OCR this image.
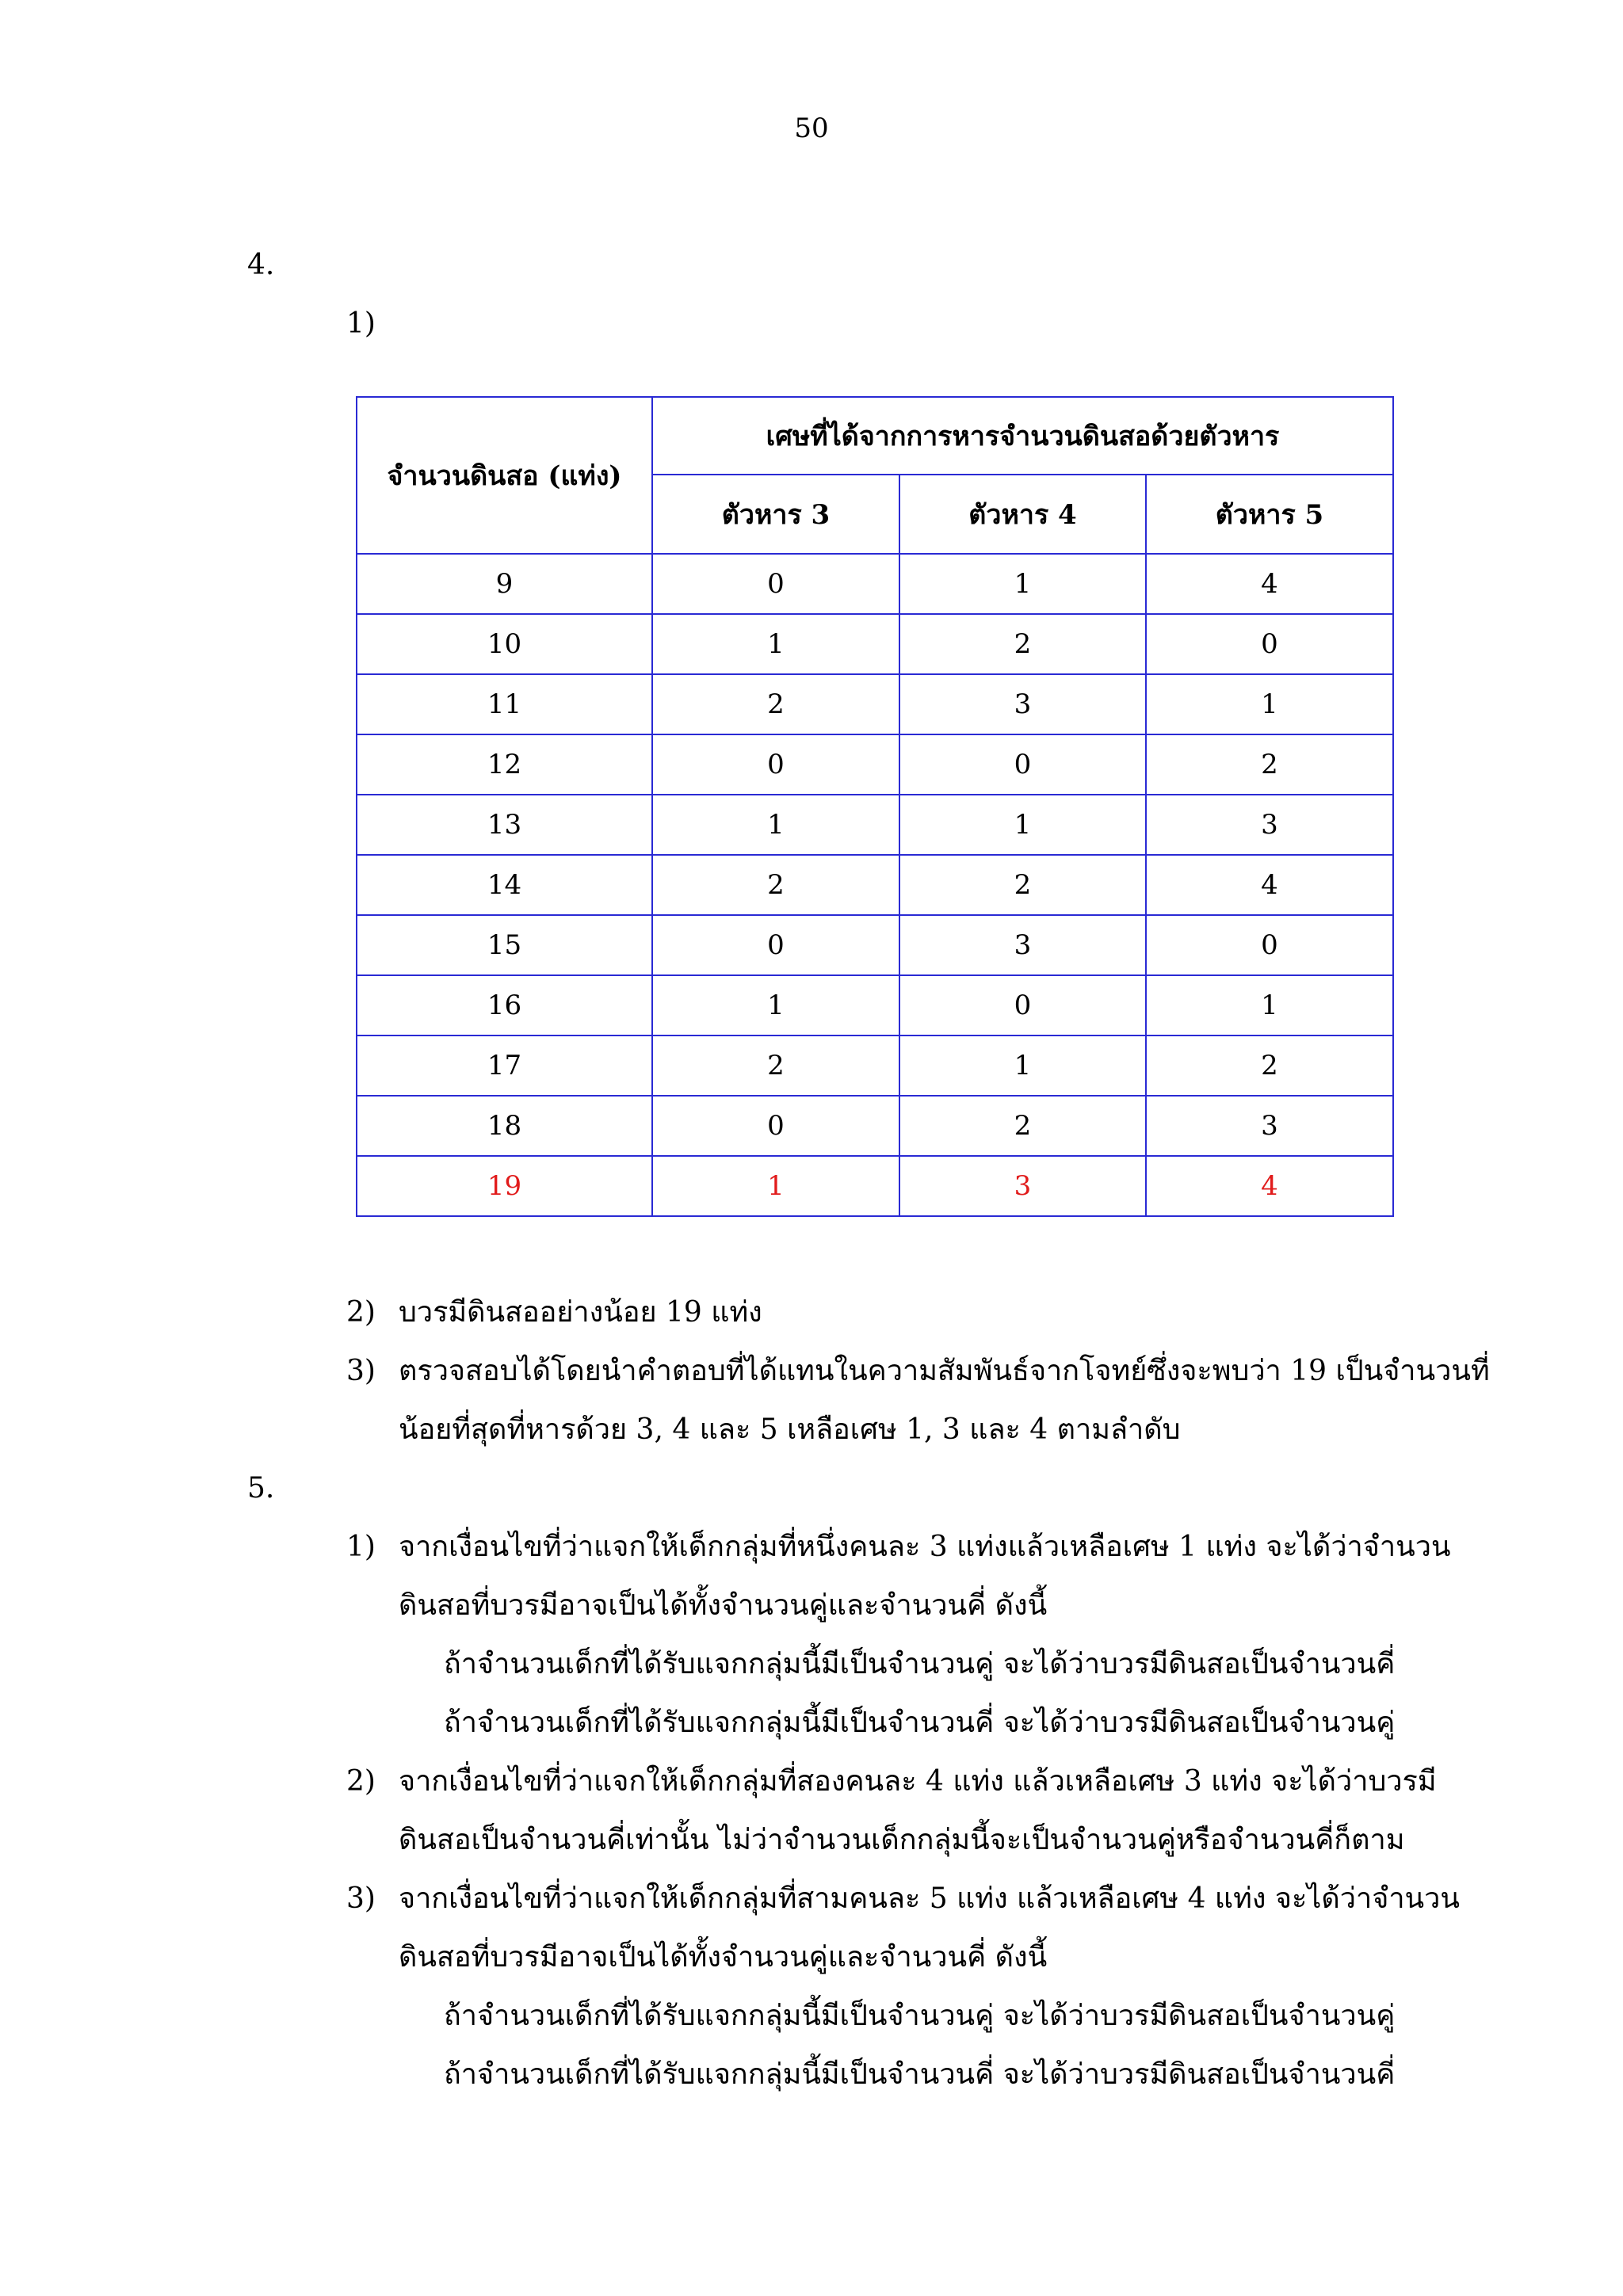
50
4.
1)
จำนวนดินสอ (แท่ง)	เศษที่ได้จากการหารจำนวนดินสอด้วยตัวหาร		
	ตัวหาร 3	ตัวหาร 4	ตัวหาร 5
9	0	1	4
10	1	2	0
11	2	3	1
12	0	0	2
13	1	1	3
14	2	2	4
15	0	3	0
16	1	0	1
17	2	1	2
18	0	2	3
19	1	3	4
2) บวรมีดินสออย่างน้อย 19 แท่ง
3) ตรวจสอบได้โดยนำคำตอบที่ได้แทนในความสัมพันธ์จากโจทย์ซึ่งจะพบว่า 19 เป็นจำนวนที่
น้อยที่สุดที่หารด้วย 3, 4 และ 5 เหลือเศษ 1, 3 และ 4 ตามลำดับ
5.
1) จากเงื่อนไขที่ว่าแจกให้เด็กกลุ่มที่หนึ่งคนละ 3 แท่งแล้วเหลือเศษ 1 แท่ง จะได้ว่าจำนวน
ดินสอที่บวรมีอาจเป็นได้ทั้งจำนวนคู่และจำนวนคี่ ดังนี้
ถ้าจำนวนเด็กที่ได้รับแจกกลุ่มนี้มีเป็นจำนวนคู่ จะได้ว่าบวรมีดินสอเป็นจำนวนคี่
ถ้าจำนวนเด็กที่ได้รับแจกกลุ่มนี้มีเป็นจำนวนคี่ จะได้ว่าบวรมีดินสอเป็นจำนวนคู่
2) จากเงื่อนไขที่ว่าแจกให้เด็กกลุ่มที่สองคนละ 4 แท่ง แล้วเหลือเศษ 3 แท่ง จะได้ว่าบวรมี
ดินสอเป็นจำนวนคี่เท่านั้น ไม่ว่าจำนวนเด็กกลุ่มนี้จะเป็นจำนวนคู่หรือจำนวนคี่ก็ตาม
3) จากเงื่อนไขที่ว่าแจกให้เด็กกลุ่มที่สามคนละ 5 แท่ง แล้วเหลือเศษ 4 แท่ง จะได้ว่าจำนวน
ดินสอที่บวรมีอาจเป็นได้ทั้งจำนวนคู่และจำนวนคี่ ดังนี้
ถ้าจำนวนเด็กที่ได้รับแจกกลุ่มนี้มีเป็นจำนวนคู่ จะได้ว่าบวรมีดินสอเป็นจำนวนคู่
ถ้าจำนวนเด็กที่ได้รับแจกกลุ่มนี้มีเป็นจำนวนคี่ จะได้ว่าบวรมีดินสอเป็นจำนวนคี่
